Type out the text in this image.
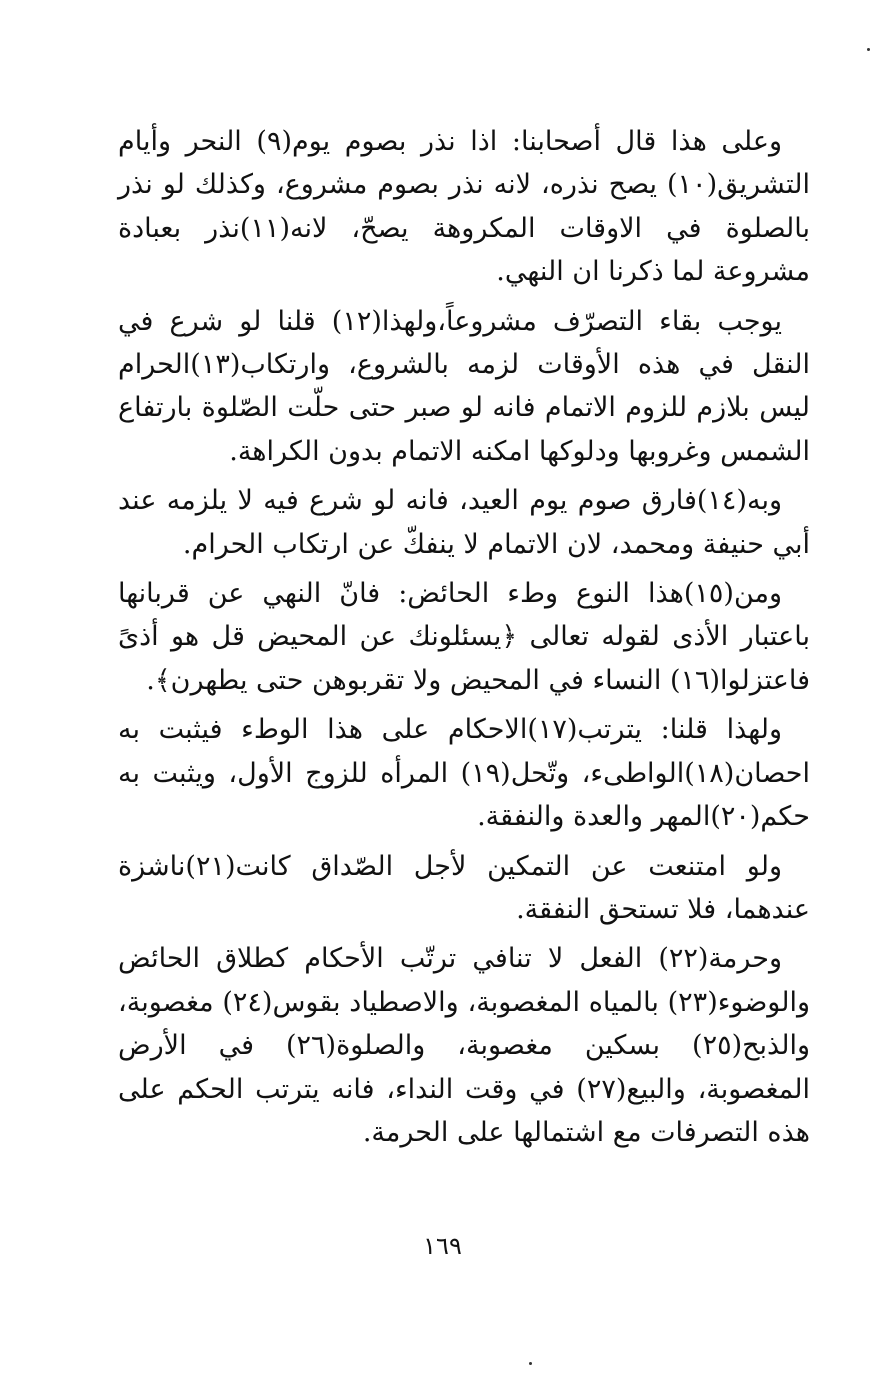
وعلى هذا قال أصحابنا: اذا نذر بصوم يوم(٩) النحر وأيام التشريق(١٠) يصح نذره، لانه نذر بصوم مشروع، وكذلك لو نذر بالصلوة في الاوقات المكروهة يصحّ، لانه(١١)نذر بعبادة مشروعة لما ذكرنا ان النهي.

يوجب بقاء التصرّف مشروعاً،ولهذا(١٢) قلنا لو شرع في النقل في هذه الأوقات لزمه بالشروع، وارتكاب(١٣)الحرام ليس بلازم للزوم الاتمام فانه لو صبر حتى حلّت الصّلوة بارتفاع الشمس وغروبها ودلوكها امكنه الاتمام بدون الكراهة.

وبه(١٤)فارق صوم يوم العيد، فانه لو شرع فيه لا يلزمه عند أبي حنيفة ومحمد، لان الاتمام لا ينفكّ عن ارتكاب الحرام.

ومن(١٥)هذا النوع وطء الحائض: فانّ النهي عن قربانها باعتبار الأذى لقوله تعالى ﴿يسئلونك عن المحيض قل هو أذىً فاعتزلوا(١٦) النساء في المحيض ولا تقربوهن حتى يطهرن﴾.

ولهذا قلنا: يترتب(١٧)الاحكام على هذا الوطء فيثبت به احصان(١٨)الواطىء، وتّحل(١٩) المرأه للزوج الأول، ويثبت به حكم(٢٠)المهر والعدة والنفقة.

ولو امتنعت عن التمكين لأجل الصّداق كانت(٢١)ناشزة عندهما، فلا تستحق النفقة.

وحرمة(٢٢) الفعل لا تنافي ترتّب الأحكام كطلاق الحائض والوضوء(٢٣) بالمياه المغصوبة، والاصطياد بقوس(٢٤) مغصوبة، والذبح(٢٥) بسكين مغصوبة، والصلوة(٢٦) في الأرض المغصوبة، والبيع(٢٧) في وقت النداء، فانه يترتب الحكم على هذه التصرفات مع اشتمالها على الحرمة.

١٦٩
